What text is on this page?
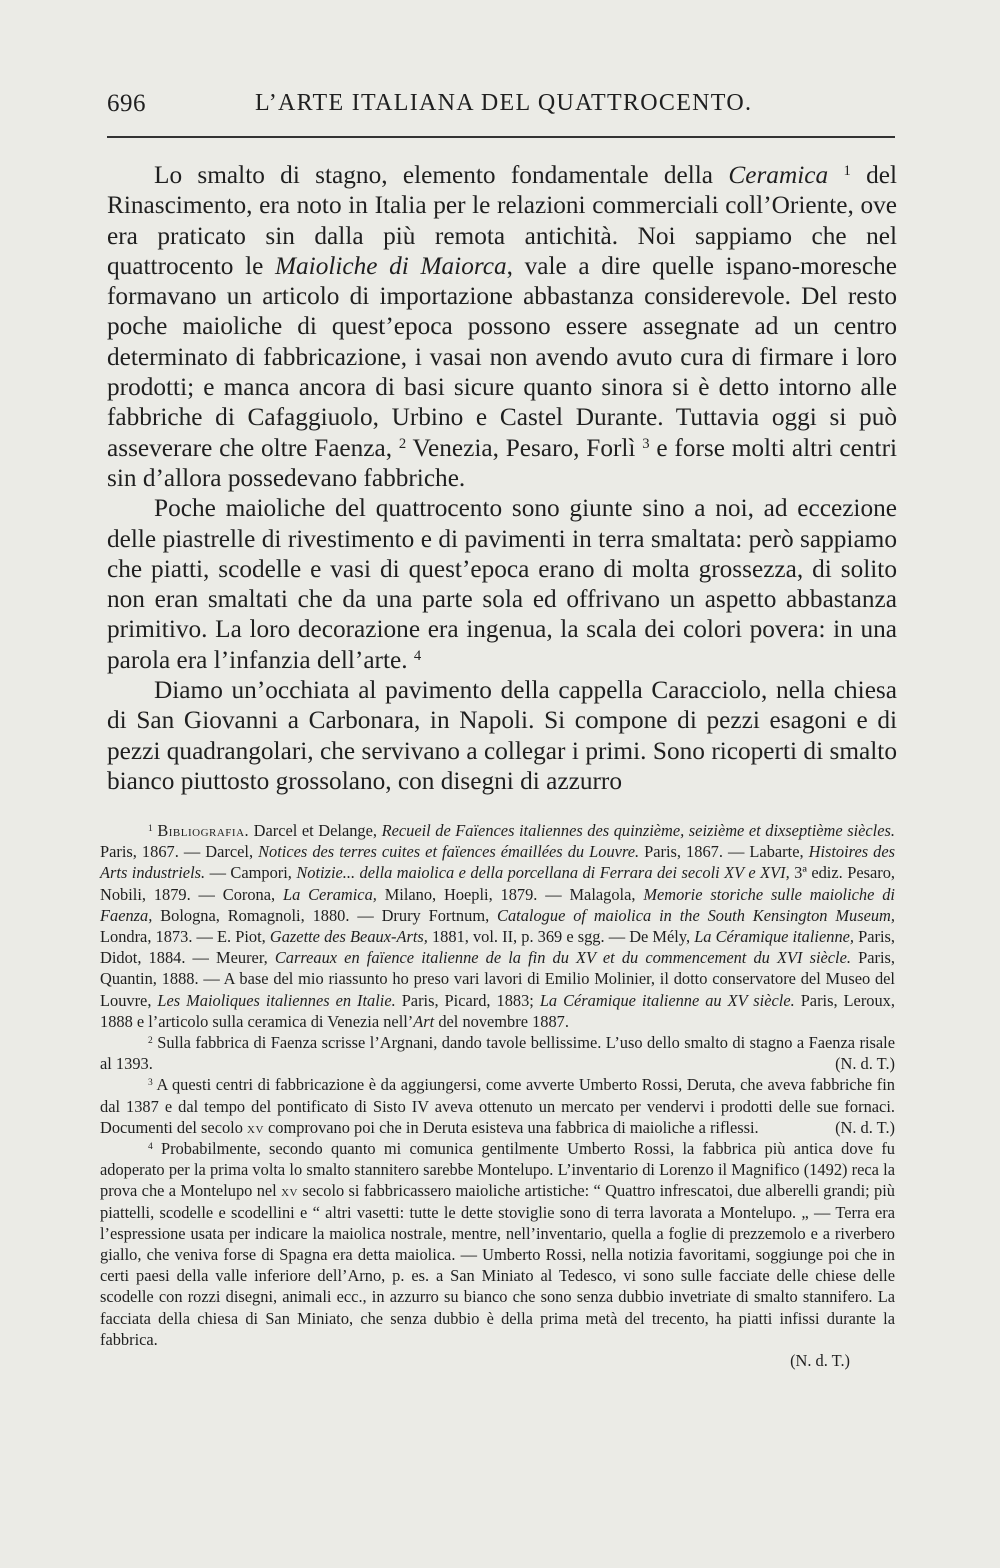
696	L’ARTE ITALIANA DEL QUATTROCENTO.

Lo smalto di stagno, elemento fondamentale della Ceramica $^1$ del Rinascimento, era noto in Italia per le relazioni commerciali coll’Oriente, ove era praticato sin dalla più remota antichità. Noi sappiamo che nel quattrocento le Maioliche di Maiorca, vale a dire quelle ispano-moresche formavano un articolo di importazione abbastanza considerevole. Del resto poche maioliche di quest’epoca possono essere assegnate ad un centro determinato di fabbricazione, i vasai non avendo avuto cura di firmare i loro prodotti; e manca ancora di basi sicure quanto sinora si è detto intorno alle fabbriche di Cafaggiuolo, Urbino e Castel Durante. Tuttavia oggi si può asseverare che oltre Faenza, $^2$ Venezia, Pesaro, Forlì $^3$ e forse molti altri centri sin d’allora possedevano fabbriche.

Poche maioliche del quattrocento sono giunte sino a noi, ad eccezione delle piastrelle di rivestimento e di pavimenti in terra smaltata: però sappiamo che piatti, scodelle e vasi di quest’epoca erano di molta grossezza, di solito non eran smaltati che da una parte sola ed offrivano un aspetto abbastanza primitivo. La loro decorazione era ingenua, la scala dei colori povera: in una parola era l’infanzia dell’arte. $^4$

Diamo un’occhiata al pavimento della cappella Caracciolo, nella chiesa di San Giovanni a Carbonara, in Napoli. Si compone di pezzi esagoni e di pezzi quadrangolari, che servivano a collegar i primi. Sono ricoperti di smalto bianco piuttosto grossolano, con disegni di azzurro

$^1$ Bibliografia. Darcel et Delange, Recueil de Faïences italiennes des quinzième, seizième et dixseptième siècles. Paris, 1867. — Darcel, Notices des terres cuites et faïences émaillées du Louvre. Paris, 1867. — Labarte, Histoires des Arts industriels. — Campori, Notizie... della maiolica e della porcellana di Ferrara dei secoli XV e XVI, 3ª ediz. Pesaro, Nobili, 1879. — Corona, La Ceramica, Milano, Hoepli, 1879. — Malagola, Memorie storiche sulle maioliche di Faenza, Bologna, Romagnoli, 1880. — Drury Fortnum, Catalogue of maiolica in the South Kensington Museum, Londra, 1873. — E. Piot, Gazette des Beaux-Arts, 1881, vol. II, p. 369 e sgg. — De Mély, La Céramique italienne, Paris, Didot, 1884. — Meurer, Carreaux en faïence italienne de la fin du XV et du commencement du XVI siècle. Paris, Quantin, 1888. — A base del mio riassunto ho preso vari lavori di Emilio Molinier, il dotto conservatore del Museo del Louvre, Les Maioliques italiennes en Italie. Paris, Picard, 1883; La Céramique italienne au XV siècle. Paris, Leroux, 1888 e l’articolo sulla ceramica di Venezia nell’Art del novembre 1887.

$^2$ Sulla fabbrica di Faenza scrisse l’Argnani, dando tavole bellissime. L’uso dello smalto di stagno a Faenza risale al 1393.	(N. d. T.)

$^3$ A questi centri di fabbricazione è da aggiungersi, come avverte Umberto Rossi, Deruta, che aveva fabbriche fin dal 1387 e dal tempo del pontificato di Sisto IV aveva ottenuto un mercato per vendervi i prodotti delle sue fornaci. Documenti del secolo xv comprovano poi che in Deruta esisteva una fabbrica di maioliche a riflessi.	(N. d. T.)

$^4$ Probabilmente, secondo quanto mi comunica gentilmente Umberto Rossi, la fabbrica più antica dove fu adoperato per la prima volta lo smalto stannitero sarebbe Montelupo. L’inventario di Lorenzo il Magnifico (1492) reca la prova che a Montelupo nel xv secolo si fabbricassero maioliche artistiche: “ Quattro infrescatoi, due alberelli grandi; più piattelli, scodelle e scodellini e “ altri vasetti: tutte le dette stoviglie sono di terra lavorata a Montelupo. „ — Terra era l’espressione usata per indicare la maiolica nostrale, mentre, nell’inventario, quella a foglie di prezzemolo e a riverbero giallo, che veniva forse di Spagna era detta maiolica. — Umberto Rossi, nella notizia favoritami, soggiunge poi che in certi paesi della valle inferiore dell’Arno, p. es. a San Miniato al Tedesco, vi sono sulle facciate delle chiese delle scodelle con rozzi disegni, animali ecc., in azzurro su bianco che sono senza dubbio invetriate di smalto stannifero. La facciata della chiesa di San Miniato, che senza dubbio è della prima metà del trecento, ha piatti infissi durante la fabbrica.

(N. d. T.)
